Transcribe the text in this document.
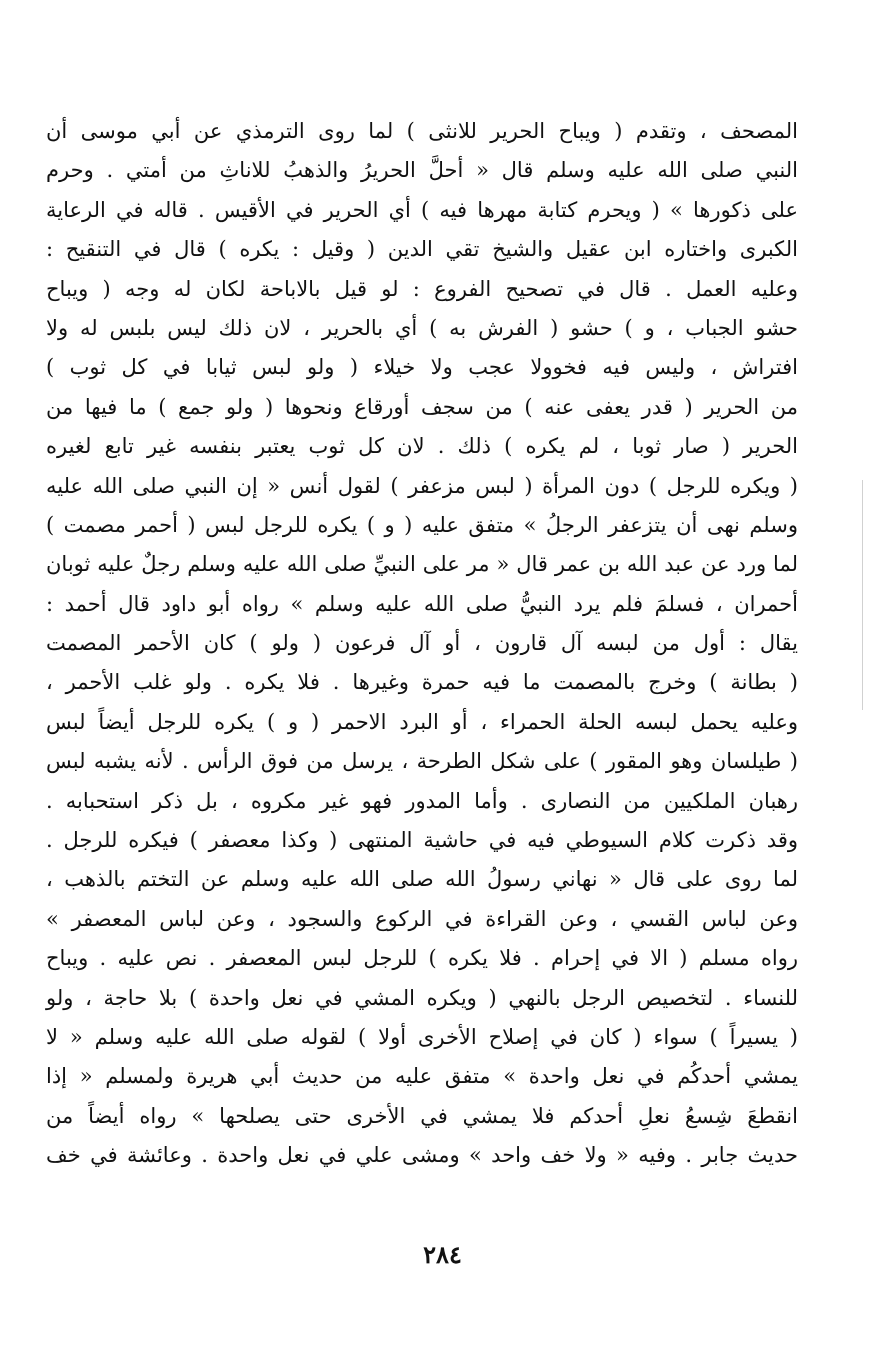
المصحف ، وتقدم ( ويباح الحرير للانثى ) لما روى الترمذي عن أبي موسى أن
النبي صلى الله عليه وسلم قال « أحلَّ الحريرُ والذهبُ للاناثِ من أمتي . وحرم
على ذكورها » ( ويحرم كتابة مهرها فيه ) أي الحرير في الأقيس . قاله في الرعاية
الكبرى واختاره ابن عقيل والشيخ تقي الدين ( وقيل : يكره ) قال في التنقيح :
وعليه العمل . قال في تصحيح الفروع : لو قيل بالاباحة لكان له وجه ( ويباح
حشو الجباب ، و ) حشو ( الفرش به ) أي بالحرير ، لان ذلك ليس بلبس له ولا
افتراش ، وليس فيه فخوولا عجب ولا خيلاء ( ولو لبس ثيابا في كل ثوب )
من الحرير ( قدر يعفى عنه ) من سجف أورقاع ونحوها ( ولو جمع ) ما فيها من
الحرير ( صار ثوبا ، لم يكره ) ذلك . لان كل ثوب يعتبر بنفسه غير تابع لغيره
( ويكره للرجل ) دون المرأة ( لبس مزعفر ) لقول أنس « إن النبي صلى الله عليه
وسلم نهى أن يتزعفر الرجلُ » متفق عليه ( و ) يكره للرجل لبس ( أحمر مصمت )
لما ورد عن عبد الله بن عمر قال « مر على النبيِّ صلى الله عليه وسلم رجلٌ عليه ثوبان
أحمران ، فسلمَ فلم يرد النبيُّ صلى الله عليه وسلم » رواه أبو داود قال أحمد :
يقال : أول من لبسه آل قارون ، أو آل فرعون ( ولو ) كان الأحمر المصمت
( بطانة ) وخرج بالمصمت ما فيه حمرة وغيرها . فلا يكره . ولو غلب الأحمر ،
وعليه يحمل لبسه الحلة الحمراء ، أو البرد الاحمر ( و ) يكره للرجل أيضاً لبس
( طيلسان وهو المقور ) على شكل الطرحة ، يرسل من فوق الرأس . لأنه يشبه لبس
رهبان الملكيين من النصارى . وأما المدور فهو غير مكروه ، بل ذكر استحبابه .
وقد ذكرت كلام السيوطي فيه في حاشية المنتهى ( وكذا معصفر ) فيكره للرجل .
لما روى على قال « نهاني رسولُ الله صلى الله عليه وسلم عن التختم بالذهب ،
وعن لباس القسي ، وعن القراءة في الركوع والسجود ، وعن لباس المعصفر »
رواه مسلم ( الا في إحرام . فلا يكره ) للرجل لبس المعصفر . نص عليه . ويباح
للنساء . لتخصيص الرجل بالنهي ( ويكره المشي في نعل واحدة ) بلا حاجة ، ولو
( يسيراً ) سواء ( كان في إصلاح الأخرى أولا ) لقوله صلى الله عليه وسلم « لا
يمشي أحدكُم في نعل واحدة » متفق عليه من حديث أبي هريرة ولمسلم « إذا
انقطعَ شِسعُ نعلِ أحدكم فلا يمشي في الأخرى حتى يصلحها » رواه أيضاً من
حديث جابر . وفيه « ولا خف واحد » ومشى علي في نعل واحدة . وعائشة في خف
٢٨٤
